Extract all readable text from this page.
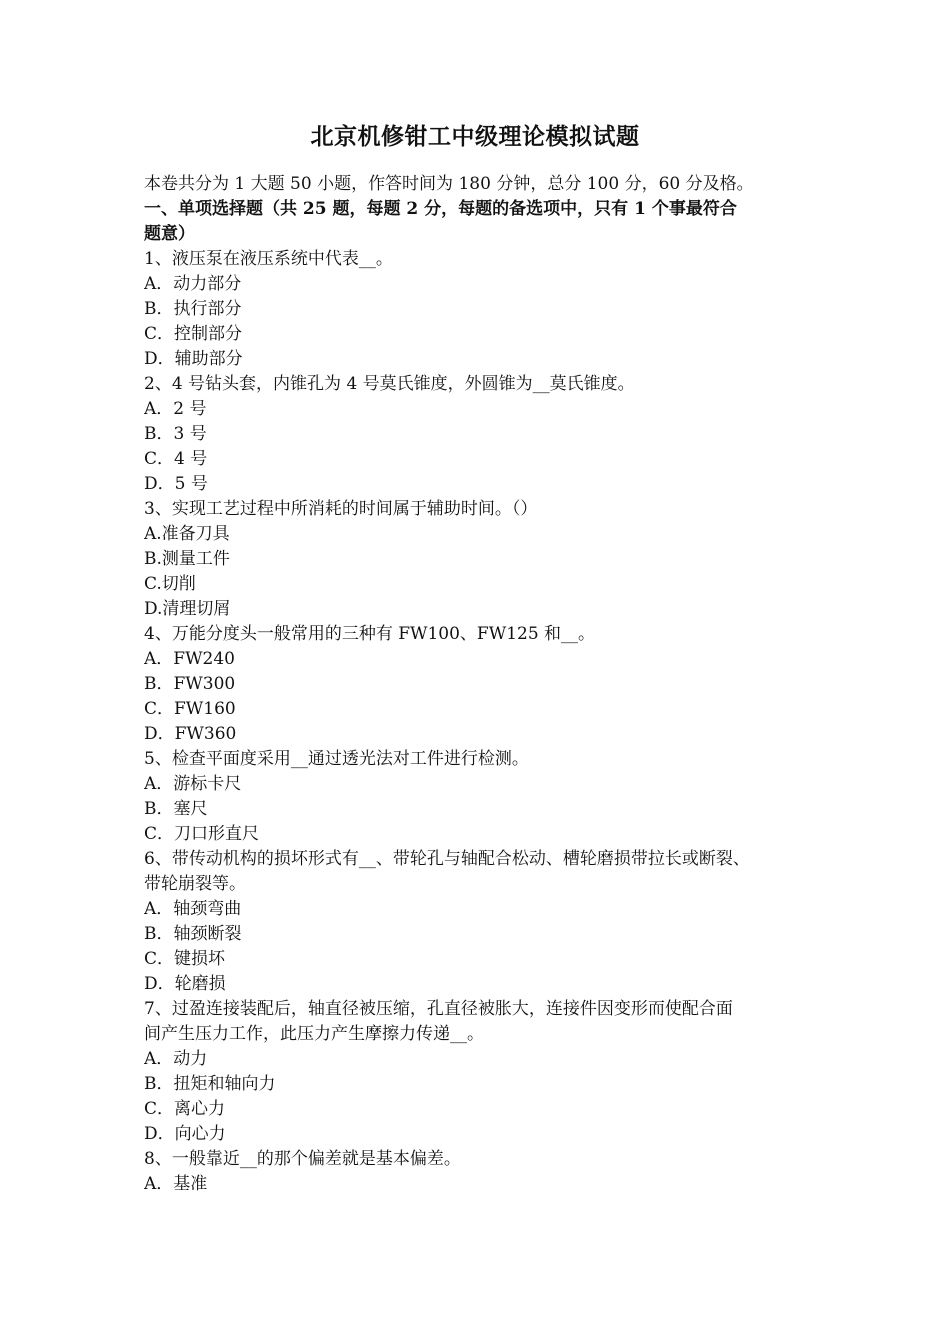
北京机修钳工中级理论模拟试题
本卷共分为 1 大题 50 小题，作答时间为 180 分钟，总分 100 分，60 分及格。
一、单项选择题（共 25 题，每题 2 分，每题的备选项中，只有 1 个事最符合
题意）
1、液压泵在液压系统中代表__。
A．动力部分
B．执行部分
C．控制部分
D．辅助部分
2、4 号钻头套，内锥孔为 4 号莫氏锥度，外圆锥为__莫氏锥度。
A．2 号
B．3 号
C．4 号
D．5 号
3、实现工艺过程中所消耗的时间属于辅助时间。（）
A.准备刀具
B.测量工件
C.切削
D.清理切屑
4、万能分度头一般常用的三种有 FW100、FW125 和__。
A．FW240
B．FW300
C．FW160
D．FW360
5、检查平面度采用__通过透光法对工件进行检测。
A．游标卡尺
B．塞尺
C．刀口形直尺
6、带传动机构的损坏形式有__、带轮孔与轴配合松动、槽轮磨损带拉长或断裂、
带轮崩裂等。
A．轴颈弯曲
B．轴颈断裂
C．键损坏
D．轮磨损
7、过盈连接装配后，轴直径被压缩，孔直径被胀大，连接件因变形而使配合面
间产生压力工作，此压力产生摩擦力传递__。
A．动力
B．扭矩和轴向力
C．离心力
D．向心力
8、一般靠近__的那个偏差就是基本偏差。
A．基准
